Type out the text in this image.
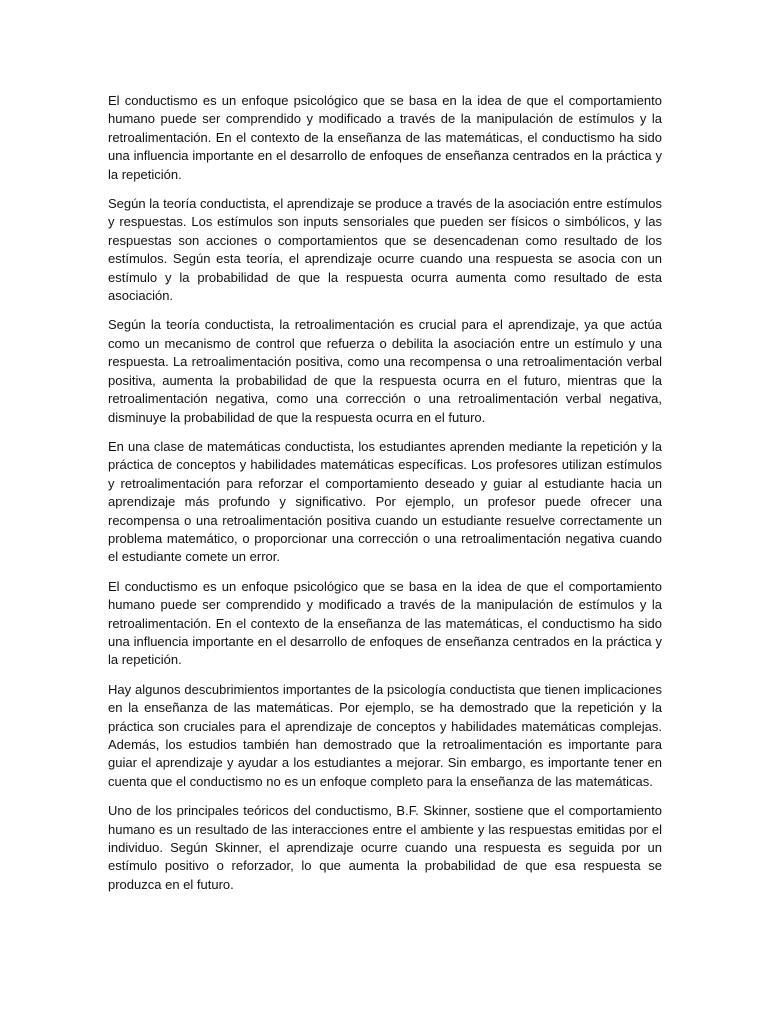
El conductismo es un enfoque psicológico que se basa en la idea de que el comportamiento humano puede ser comprendido y modificado a través de la manipulación de estímulos y la retroalimentación. En el contexto de la enseñanza de las matemáticas, el conductismo ha sido una influencia importante en el desarrollo de enfoques de enseñanza centrados en la práctica y la repetición.

Según la teoría conductista, el aprendizaje se produce a través de la asociación entre estímulos y respuestas. Los estímulos son inputs sensoriales que pueden ser físicos o simbólicos, y las respuestas son acciones o comportamientos que se desencadenan como resultado de los estímulos. Según esta teoría, el aprendizaje ocurre cuando una respuesta se asocia con un estímulo y la probabilidad de que la respuesta ocurra aumenta como resultado de esta asociación.

Según la teoría conductista, la retroalimentación es crucial para el aprendizaje, ya que actúa como un mecanismo de control que refuerza o debilita la asociación entre un estímulo y una respuesta. La retroalimentación positiva, como una recompensa o una retroalimentación verbal positiva, aumenta la probabilidad de que la respuesta ocurra en el futuro, mientras que la retroalimentación negativa, como una corrección o una retroalimentación verbal negativa, disminuye la probabilidad de que la respuesta ocurra en el futuro.

En una clase de matemáticas conductista, los estudiantes aprenden mediante la repetición y la práctica de conceptos y habilidades matemáticas específicas. Los profesores utilizan estímulos y retroalimentación para reforzar el comportamiento deseado y guiar al estudiante hacia un aprendizaje más profundo y significativo. Por ejemplo, un profesor puede ofrecer una recompensa o una retroalimentación positiva cuando un estudiante resuelve correctamente un problema matemático, o proporcionar una corrección o una retroalimentación negativa cuando el estudiante comete un error.

El conductismo es un enfoque psicológico que se basa en la idea de que el comportamiento humano puede ser comprendido y modificado a través de la manipulación de estímulos y la retroalimentación. En el contexto de la enseñanza de las matemáticas, el conductismo ha sido una influencia importante en el desarrollo de enfoques de enseñanza centrados en la práctica y la repetición.

Hay algunos descubrimientos importantes de la psicología conductista que tienen implicaciones en la enseñanza de las matemáticas. Por ejemplo, se ha demostrado que la repetición y la práctica son cruciales para el aprendizaje de conceptos y habilidades matemáticas complejas. Además, los estudios también han demostrado que la retroalimentación es importante para guiar el aprendizaje y ayudar a los estudiantes a mejorar. Sin embargo, es importante tener en cuenta que el conductismo no es un enfoque completo para la enseñanza de las matemáticas.

Uno de los principales teóricos del conductismo, B.F. Skinner, sostiene que el comportamiento humano es un resultado de las interacciones entre el ambiente y las respuestas emitidas por el individuo. Según Skinner, el aprendizaje ocurre cuando una respuesta es seguida por un estímulo positivo o reforzador, lo que aumenta la probabilidad de que esa respuesta se produzca en el futuro.
